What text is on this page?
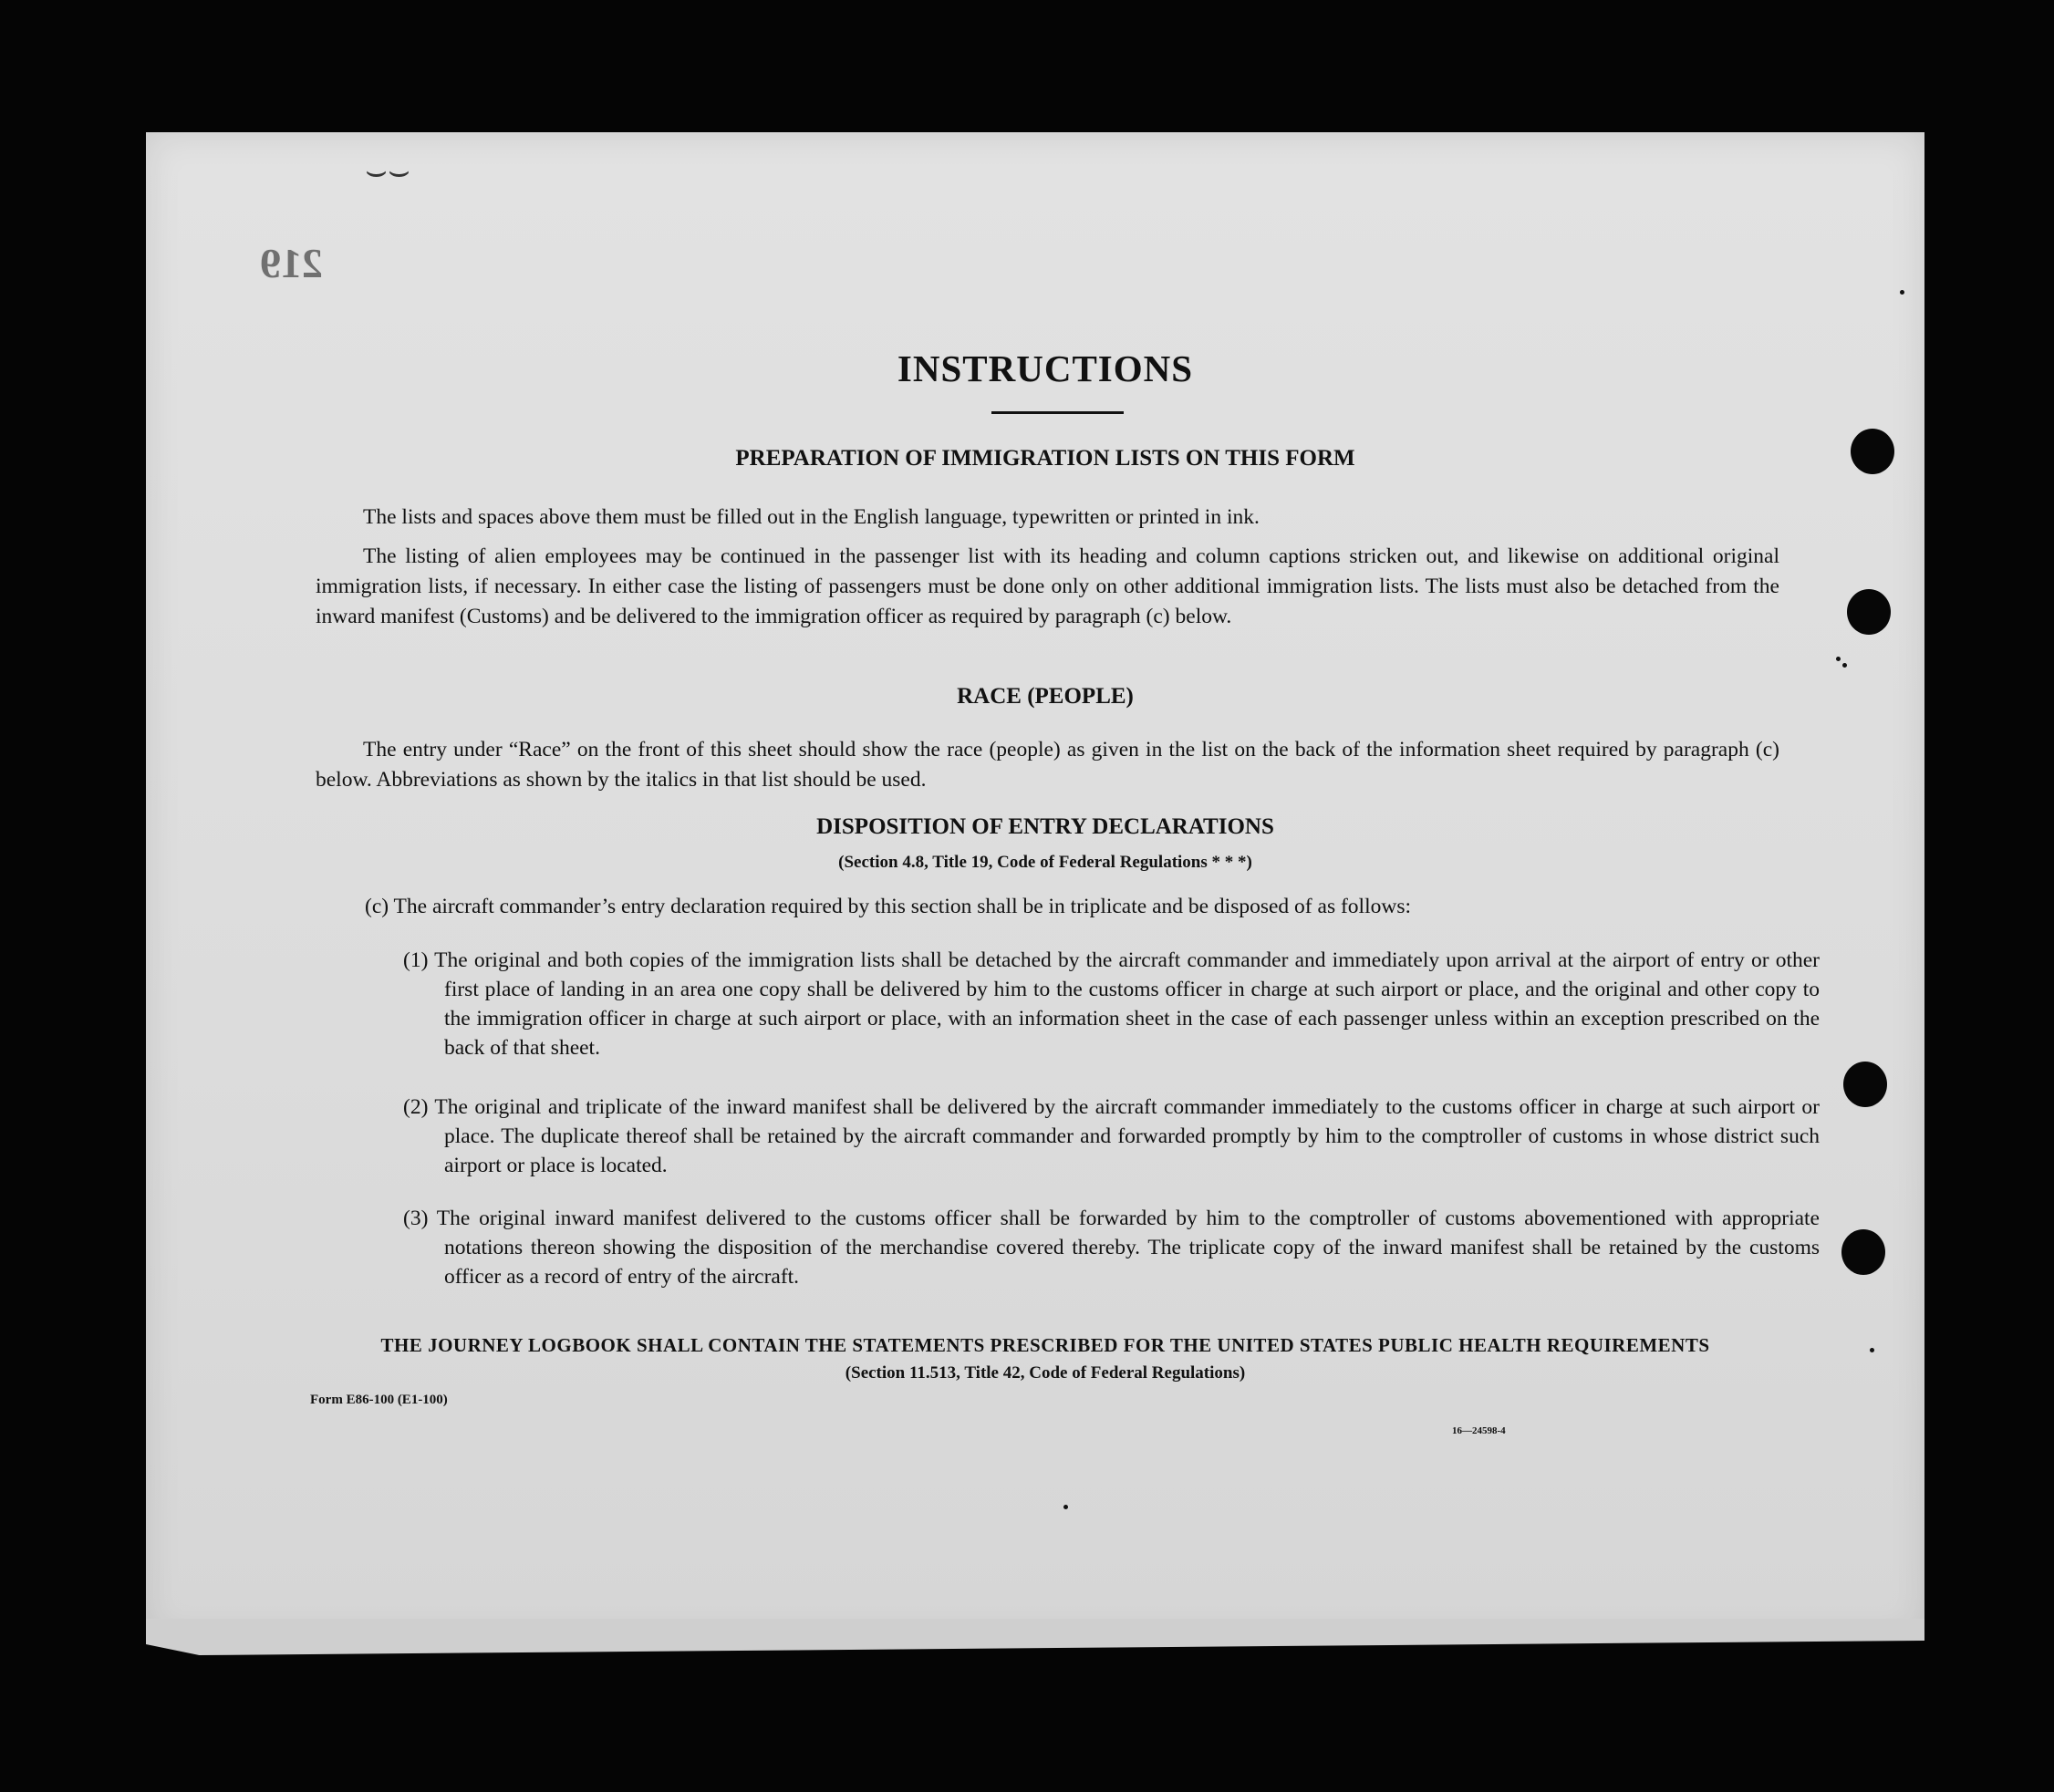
219
⌣⌣
INSTRUCTIONS
PREPARATION OF IMMIGRATION LISTS ON THIS FORM
The lists and spaces above them must be filled out in the English language, typewritten or printed in ink.
The listing of alien employees may be continued in the passenger list with its heading and column captions stricken out, and likewise on additional original immigration lists, if necessary. In either case the listing of passengers must be done only on other additional immigration lists. The lists must also be detached from the inward manifest (Customs) and be delivered to the immigration officer as required by paragraph (c) below.
RACE (PEOPLE)
The entry under “Race” on the front of this sheet should show the race (people) as given in the list on the back of the information sheet required by paragraph (c) below. Abbreviations as shown by the italics in that list should be used.
DISPOSITION OF ENTRY DECLARATIONS
(Section 4.8, Title 19, Code of Federal Regulations * * *)
(c) The aircraft commander’s entry declaration required by this section shall be in triplicate and be disposed of as follows:
(1) The original and both copies of the immigration lists shall be detached by the aircraft commander and immediately upon arrival at the airport of entry or other first place of landing in an area one copy shall be delivered by him to the customs officer in charge at such airport or place, and the original and other copy to the immigration officer in charge at such airport or place, with an information sheet in the case of each passenger unless within an exception prescribed on the back of that sheet.
(2) The original and triplicate of the inward manifest shall be delivered by the aircraft commander immediately to the customs officer in charge at such airport or place. The duplicate thereof shall be retained by the aircraft commander and forwarded promptly by him to the comptroller of customs in whose district such airport or place is located.
(3) The original inward manifest delivered to the customs officer shall be forwarded by him to the comptroller of customs abovementioned with appropriate notations thereon showing the disposition of the merchandise covered thereby. The triplicate copy of the inward manifest shall be retained by the customs officer as a record of entry of the aircraft.
THE JOURNEY LOGBOOK SHALL CONTAIN THE STATEMENTS PRESCRIBED FOR THE UNITED STATES PUBLIC HEALTH REQUIREMENTS
(Section 11.513, Title 42, Code of Federal Regulations)
Form E86-100 (E1-100)
16—24598-4
